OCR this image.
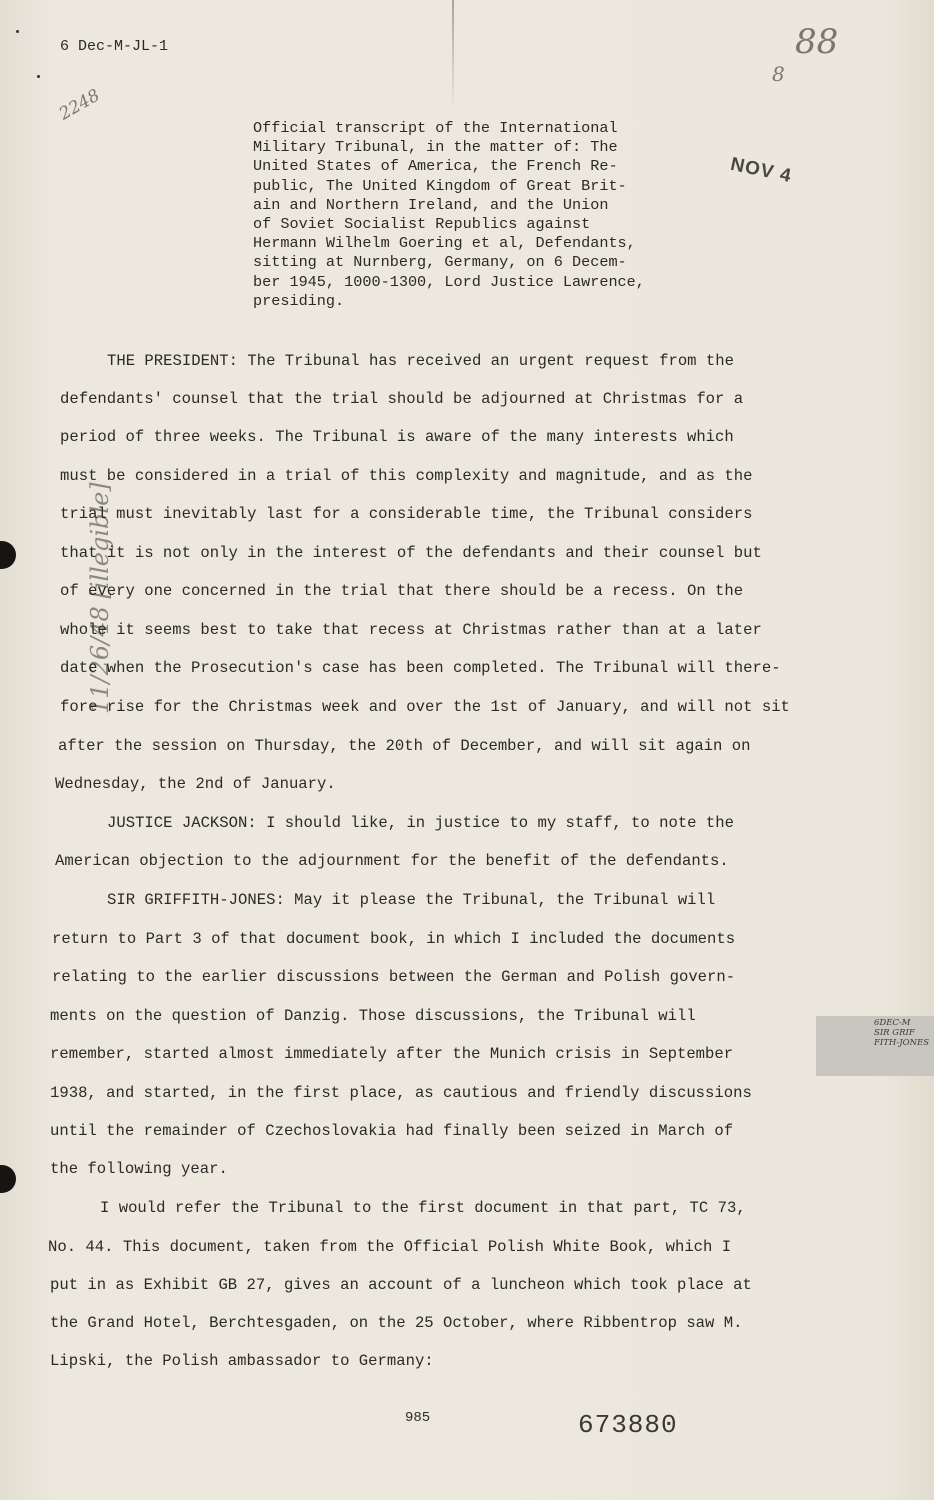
6 Dec-M-JL-1	88
8
2248
NOV 4
11/26/48 [illegible]
Official transcript of the International
Military Tribunal, in the matter of: The
United States of America, the French Re-
public, The United Kingdom of Great Brit-
ain and Northern Ireland, and the Union
of Soviet Socialist Republics against
Hermann Wilhelm Goering et al, Defendants,
sitting at Nurnberg, Germany, on 6 Decem-
ber 1945, 1000-1300, Lord Justice Lawrence,
presiding.
THE PRESIDENT: The Tribunal has received an urgent request from the
defendants' counsel that the trial should be adjourned at Christmas for a
period of three weeks. The Tribunal is aware of the many interests which
must be considered in a trial of this complexity and magnitude, and as the
trial must inevitably last for a considerable time, the Tribunal considers
that it is not only in the interest of the defendants and their counsel but
of every one concerned in the trial that there should be a recess. On the
whole it seems best to take that recess at Christmas rather than at a later
date when the Prosecution's case has been completed. The Tribunal will there-
fore rise for the Christmas week and over the 1st of January, and will not sit
after the session on Thursday, the 20th of December, and will sit again on
Wednesday, the 2nd of January.
JUSTICE JACKSON: I should like, in justice to my staff, to note the
American objection to the adjournment for the benefit of the defendants.
SIR GRIFFITH-JONES: May it please the Tribunal, the Tribunal will
return to Part 3 of that document book, in which I included the documents
relating to the earlier discussions between the German and Polish govern-
ments on the question of Danzig. Those discussions, the Tribunal will
remember, started almost immediately after the Munich crisis in September
1938, and started, in the first place, as cautious and friendly discussions
until the remainder of Czechoslovakia had finally been seized in March of
the following year.
I would refer the Tribunal to the first document in that part, TC 73,
No. 44. This document, taken from the Official Polish White Book, which I
put in as Exhibit GB 27, gives an account of a luncheon which took place at
the Grand Hotel, Berchtesgaden, on the 25 October, where Ribbentrop saw M.
Lipski, the Polish ambassador to Germany:
6DEC-M
SIR GRIF
FITH-JONES
985	673880
